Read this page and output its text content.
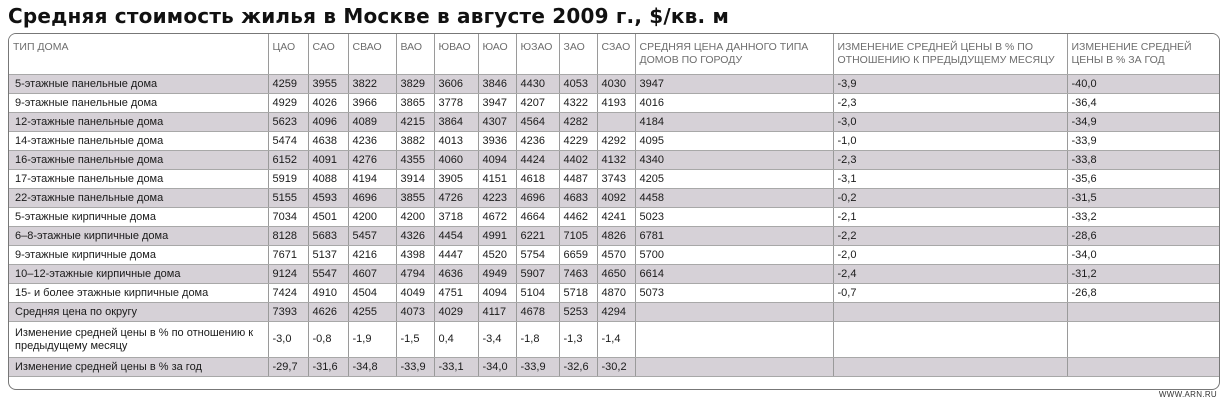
Средняя стоимость жилья в Москве в августе 2009 г., $/кв. м
ТИП ДОМА	ЦАО	САО	СВАО	ВАО	ЮВАО	ЮАО	ЮЗАО	ЗАО	СЗАО	СРЕДНЯЯ ЦЕНА ДАННОГО ТИПА ДОМОВ ПО ГОРОДУ	ИЗМЕНЕНИЕ СРЕДНЕЙ ЦЕНЫ В % ПО ОТНОШЕНИЮ К ПРЕДЫДУЩЕМУ МЕСЯЦУ	ИЗМЕНЕНИЕ СРЕДНЕЙ ЦЕНЫ В % ЗА ГОД
5-этажные панельные дома	4259	3955	3822	3829	3606	3846	4430	4053	4030	3947	-3,9	-40,0
9-этажные панельные дома	4929	4026	3966	3865	3778	3947	4207	4322	4193	4016	-2,3	-36,4
12-этажные панельные дома	5623	4096	4089	4215	3864	4307	4564	4282		4184	-3,0	-34,9
14-этажные панельные дома	5474	4638	4236	3882	4013	3936	4236	4229	4292	4095	-1,0	-33,9
16-этажные панельные дома	6152	4091	4276	4355	4060	4094	4424	4402	4132	4340	-2,3	-33,8
17-этажные панельные дома	5919	4088	4194	3914	3905	4151	4618	4487	3743	4205	-3,1	-35,6
22-этажные панельные дома	5155	4593	4696	3855	4726	4223	4696	4683	4092	4458	-0,2	-31,5
5-этажные кирпичные дома	7034	4501	4200	4200	3718	4672	4664	4462	4241	5023	-2,1	-33,2
6–8-этажные кирпичные дома	8128	5683	5457	4326	4454	4991	6221	7105	4826	6781	-2,2	-28,6
9-этажные кирпичные дома	7671	5137	4216	4398	4447	4520	5754	6659	4570	5700	-2,0	-34,0
10–12-этажные кирпичные дома	9124	5547	4607	4794	4636	4949	5907	7463	4650	6614	-2,4	-31,2
15- и более этажные кирпичные дома	7424	4910	4504	4049	4751	4094	5104	5718	4870	5073	-0,7	-26,8
Средняя цена по округу	7393	4626	4255	4073	4029	4117	4678	5253	4294			
Изменение средней цены в % по отношению к предыдущему месяцу	-3,0	-0,8	-1,9	-1,5	0,4	-3,4	-1,8	-1,3	-1,4			
Изменение средней цены в % за год	-29,7	-31,6	-34,8	-33,9	-33,1	-34,0	-33,9	-32,6	-30,2			
WWW.ARN.RU
